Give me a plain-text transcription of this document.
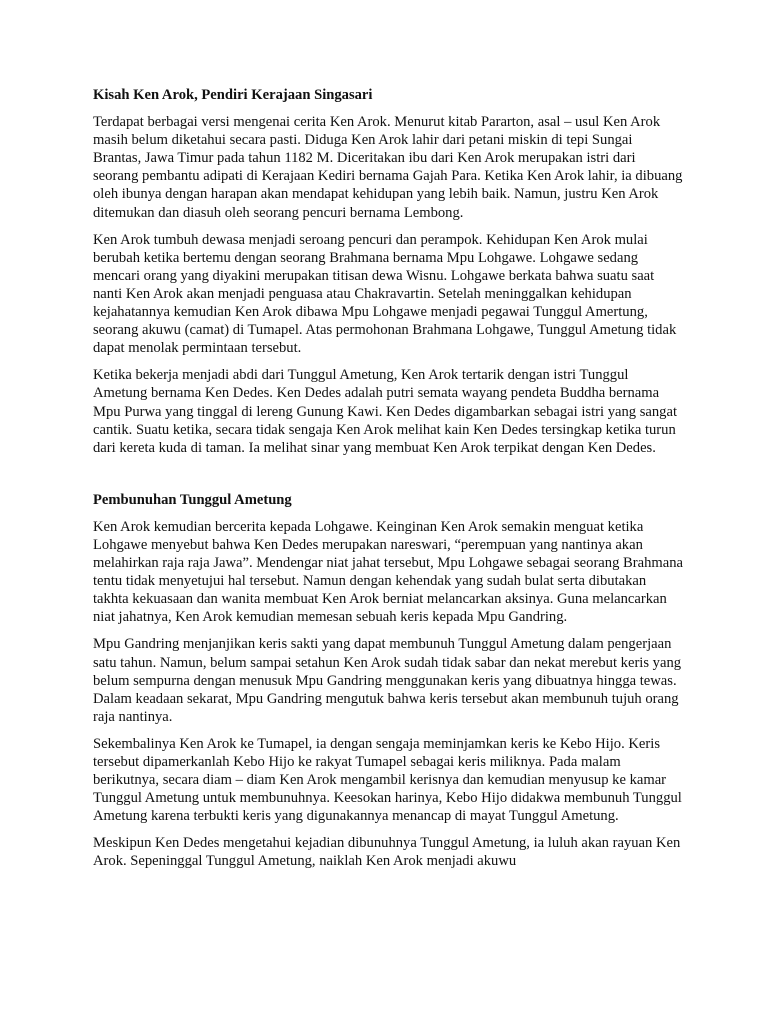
Kisah Ken Arok, Pendiri Kerajaan Singasari

Terdapat berbagai versi mengenai cerita Ken Arok. Menurut kitab Pararton, asal – usul Ken Arok masih belum diketahui secara pasti. Diduga Ken Arok lahir dari petani miskin di tepi Sungai Brantas, Jawa Timur pada tahun 1182 M. Diceritakan ibu dari Ken Arok merupakan istri dari seorang pembantu adipati di Kerajaan Kediri bernama Gajah Para. Ketika Ken Arok lahir, ia dibuang oleh ibunya dengan harapan akan mendapat kehidupan yang lebih baik. Namun, justru Ken Arok ditemukan dan diasuh oleh seorang pencuri bernama Lembong.

Ken Arok tumbuh dewasa menjadi seroang pencuri dan perampok. Kehidupan Ken Arok mulai berubah ketika bertemu dengan seorang Brahmana bernama Mpu Lohgawe. Lohgawe sedang mencari orang yang diyakini merupakan titisan dewa Wisnu. Lohgawe berkata bahwa suatu saat nanti Ken Arok akan menjadi penguasa atau Chakravartin. Setelah meninggalkan kehidupan kejahatannya kemudian Ken Arok dibawa Mpu Lohgawe menjadi pegawai Tunggul Amertung, seorang akuwu (camat) di Tumapel. Atas permohonan Brahmana Lohgawe, Tunggul Ametung tidak dapat menolak permintaan tersebut.

Ketika bekerja menjadi abdi dari Tunggul Ametung, Ken Arok tertarik dengan istri Tunggul Ametung bernama Ken Dedes. Ken Dedes adalah putri semata wayang pendeta Buddha bernama Mpu Purwa yang tinggal di lereng Gunung Kawi. Ken Dedes digambarkan sebagai istri yang sangat cantik. Suatu ketika, secara tidak sengaja Ken Arok melihat kain Ken Dedes tersingkap ketika turun dari kereta kuda di taman. Ia melihat sinar yang membuat Ken Arok terpikat dengan Ken Dedes.

Pembunuhan Tunggul Ametung

Ken Arok kemudian bercerita kepada Lohgawe. Keinginan Ken Arok semakin menguat ketika Lohgawe menyebut bahwa Ken Dedes merupakan nareswari, “perempuan yang nantinya akan melahirkan raja raja Jawa”. Mendengar niat jahat tersebut, Mpu Lohgawe sebagai seorang Brahmana tentu tidak menyetujui hal tersebut. Namun dengan kehendak yang sudah bulat serta dibutakan takhta kekuasaan dan wanita membuat Ken Arok berniat melancarkan aksinya. Guna melancarkan niat jahatnya, Ken Arok kemudian memesan sebuah keris kepada Mpu Gandring.

Mpu Gandring menjanjikan keris sakti yang dapat membunuh Tunggul Ametung dalam pengerjaan satu tahun. Namun, belum sampai setahun Ken Arok sudah tidak sabar dan nekat merebut keris yang belum sempurna dengan menusuk Mpu Gandring menggunakan keris yang dibuatnya hingga tewas. Dalam keadaan sekarat, Mpu Gandring mengutuk bahwa keris tersebut akan membunuh tujuh orang raja nantinya.

Sekembalinya Ken Arok ke Tumapel, ia dengan sengaja meminjamkan keris ke Kebo Hijo. Keris tersebut dipamerkanlah Kebo Hijo ke rakyat Tumapel sebagai keris miliknya. Pada malam berikutnya, secara diam – diam Ken Arok mengambil kerisnya dan kemudian menyusup ke kamar Tunggul Ametung untuk membunuhnya. Keesokan harinya, Kebo Hijo didakwa membunuh Tunggul Ametung karena terbukti keris yang digunakannya menancap di mayat Tunggul Ametung.

Meskipun Ken Dedes mengetahui kejadian dibunuhnya Tunggul Ametung, ia luluh akan rayuan Ken Arok. Sepeninggal Tunggul Ametung, naiklah Ken Arok menjadi akuwu
